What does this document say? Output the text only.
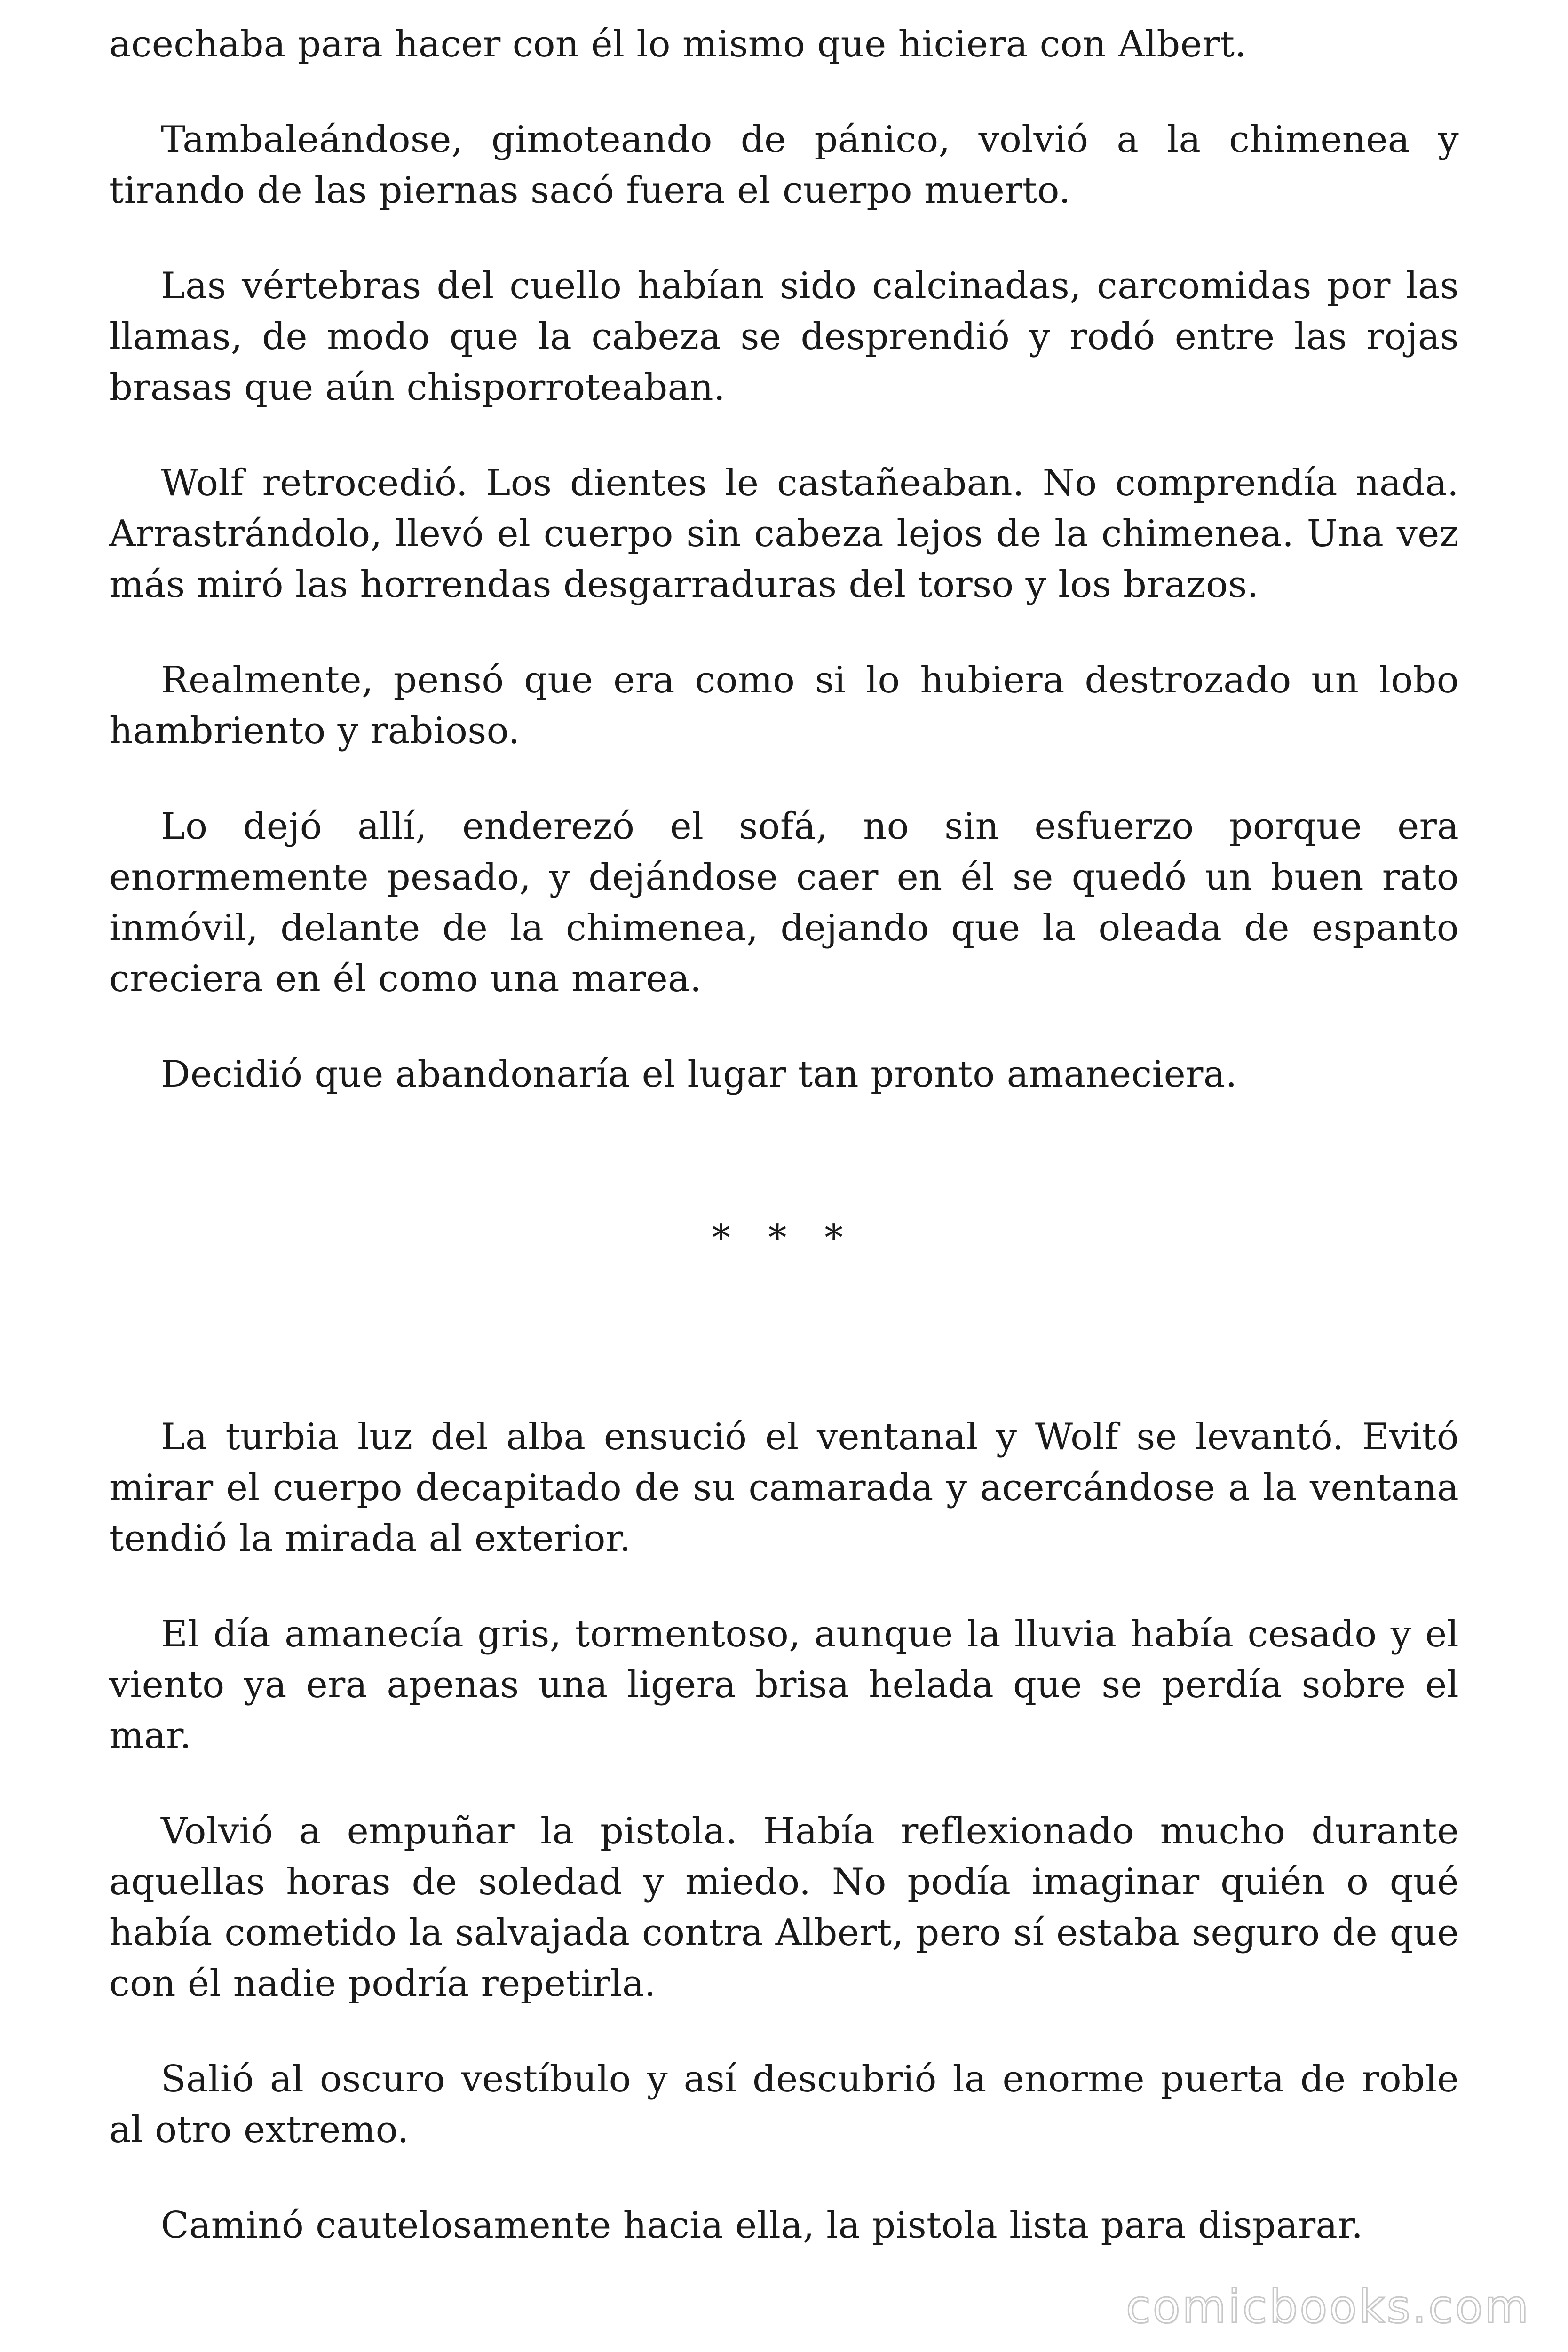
acechaba para hacer con él lo mismo que hiciera con Albert.

Tambaleándose, gimoteando de pánico, volvió a la chimenea y tirando de las piernas sacó fuera el cuerpo muerto.

Las vértebras del cuello habían sido calcinadas, carcomidas por las llamas, de modo que la cabeza se desprendió y rodó entre las rojas brasas que aún chisporroteaban.

Wolf retrocedió. Los dientes le castañeaban. No comprendía nada. Arrastrándolo, llevó el cuerpo sin cabeza lejos de la chimenea. Una vez más miró las horrendas desgarraduras del torso y los brazos.

Realmente, pensó que era como si lo hubiera destrozado un lobo hambriento y rabioso.

Lo dejó allí, enderezó el sofá, no sin esfuerzo porque era enormemente pesado, y dejándose caer en él se quedó un buen rato inmóvil, delante de la chimenea, dejando que la oleada de espanto creciera en él como una marea.

Decidió que abandonaría el lugar tan pronto amaneciera.

* * *

La turbia luz del alba ensució el ventanal y Wolf se levantó. Evitó mirar el cuerpo decapitado de su camarada y acercándose a la ventana tendió la mirada al exterior.

El día amanecía gris, tormentoso, aunque la lluvia había cesado y el viento ya era apenas una ligera brisa helada que se perdía sobre el mar.

Volvió a empuñar la pistola. Había reflexionado mucho durante aquellas horas de soledad y miedo. No podía imaginar quién o qué había cometido la salvajada contra Albert, pero sí estaba seguro de que con él nadie podría repetirla.

Salió al oscuro vestíbulo y así descubrió la enorme puerta de roble al otro extremo.

Caminó cautelosamente hacia ella, la pistola lista para disparar.

comicbooks.com
